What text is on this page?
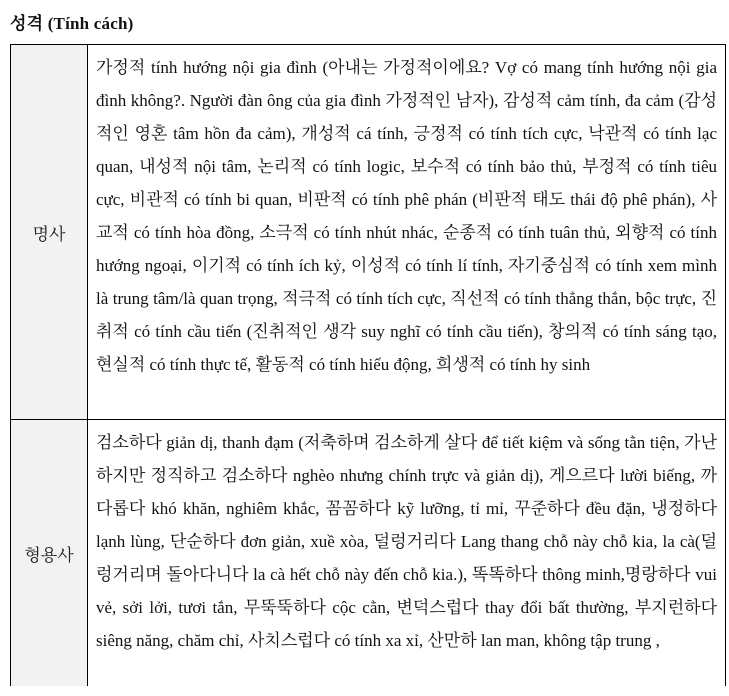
성격 (Tính cách)
명사	가정적 tính hướng nội gia đình (아내는 가정적이에요? Vợ có mang tính hướng nội gia đình không?. Người đàn ông của gia đình 가정적인 남자), 감성적 cảm tính, đa cảm (감성적인 영혼 tâm hồn đa cảm), 개성적 cá tính, 긍정적 có tính tích cực, 낙관적 có tính lạc quan, 내성적 nội tâm, 논리적 có tính logic, 보수적 có tính bảo thủ, 부정적 có tính tiêu cực, 비관적 có tính bi quan, 비판적 có tính phê phán (비판적 태도 thái độ phê phán), 사교적 có tính hòa đồng, 소극적 có tính nhút nhác, 순종적 có tính tuân thủ, 외향적 có tính hướng ngoại, 이기적 có tính ích kỷ, 이성적 có tính lí tính, 자기중심적 có tính xem mình là trung tâm/là quan trọng, 적극적 có tính tích cực, 직선적 có tính thẳng thắn, bộc trực, 진취적 có tính cầu tiến (진취적인 생각 suy nghĩ có tính cầu tiến), 창의적 có tính sáng tạo, 현실적 có tính thực tế, 활동적 có tính hiếu động, 희생적 có tính hy sinh
형용사	검소하다 giản dị, thanh đạm (저축하며 검소하게 살다 để tiết kiệm và sống tằn tiện, 가난하지만 정직하고 검소하다 nghèo nhưng chính trực và giản dị), 게으르다 lười biếng, 까다롭다 khó khăn, nghiêm khắc, 꼼꼼하다 kỹ lưỡng, tỉ mỉ, 꾸준하다 đều đặn, 냉정하다 lạnh lùng, 단순하다 đơn giản, xuề xòa, 덜렁거리다 Lang thang chỗ này chỗ kia, la cà(덜렁거리며 돌아다니다 la cà hết chỗ này đến chỗ kia.), 똑똑하다 thông minh,명랑하다 vui vẻ, sởi lởi, tươi tắn, 무뚝뚝하다 cộc cằn, 변덕스럽다 thay đổi bất thường, 부지런하다 siêng năng, chăm chỉ, 사치스럽다 có tính xa xỉ, 산만하 lan man, không tập trung ,
